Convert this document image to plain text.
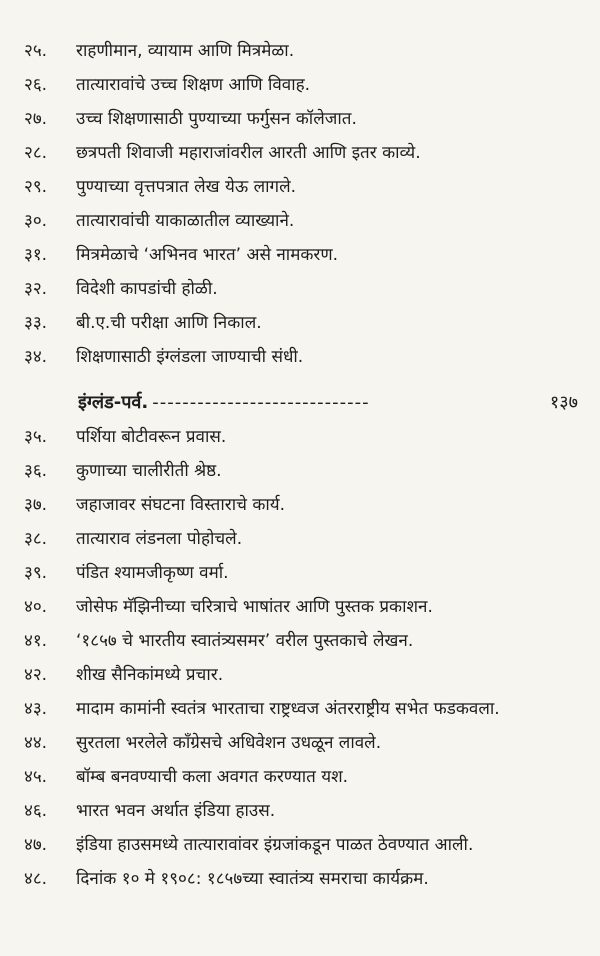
२५.	राहणीमान, व्यायाम आणि मित्रमेळा.
२६.	तात्यारावांचे उच्च शिक्षण आणि विवाह.
२७.	उच्च शिक्षणासाठी पुण्याच्या फर्गुसन कॉलेजात.
२८.	छत्रपती शिवाजी महाराजांवरील आरती आणि इतर काव्ये.
२९.	पुण्याच्या वृत्तपत्रात लेख येऊ लागले.
३०.	तात्यारावांची याकाळातील व्याख्याने.
३१.	मित्रमेळाचे ‘अभिनव भारत’ असे नामकरण.
३२.	विदेशी कापडांची होळी.
३३.	बी.ए.ची परीक्षा आणि निकाल.
३४.	शिक्षणासाठी इंग्लंडला जाण्याची संधी.
इंग्लंड-पर्व. -----------------------------	१३७
३५.	पर्शिया बोटीवरून प्रवास.
३६.	कुणाच्या चालीरीती श्रेष्ठ.
३७.	जहाजावर संघटना विस्ताराचे कार्य.
३८.	तात्याराव लंडनला पोहोचले.
३९.	पंडित श्यामजीकृष्ण वर्मा.
४०.	जोसेफ मॅझिनीच्या चरित्राचे भाषांतर आणि पुस्तक प्रकाशन.
४१.	‘१८५७ चे भारतीय स्वातंत्र्यसमर’ वरील पुस्तकाचे लेखन.
४२.	शीख सैनिकांमध्ये प्रचार.
४३.	मादाम कामांनी स्वतंत्र भारताचा राष्ट्रध्वज अंतरराष्ट्रीय सभेत फडकवला.
४४.	सुरतला भरलेले कॉंग्रेसचे अधिवेशन उधळून लावले.
४५.	बॉम्ब बनवण्याची कला अवगत करण्यात यश.
४६.	भारत भवन अर्थात इंडिया हाउस.
४७.	इंडिया हाउसमध्ये तात्यारावांवर इंग्रजांकडून पाळत ठेवण्यात आली.
४८.	दिनांक १० मे १९०८: १८५७च्या स्वातंत्र्य समराचा कार्यक्रम.
